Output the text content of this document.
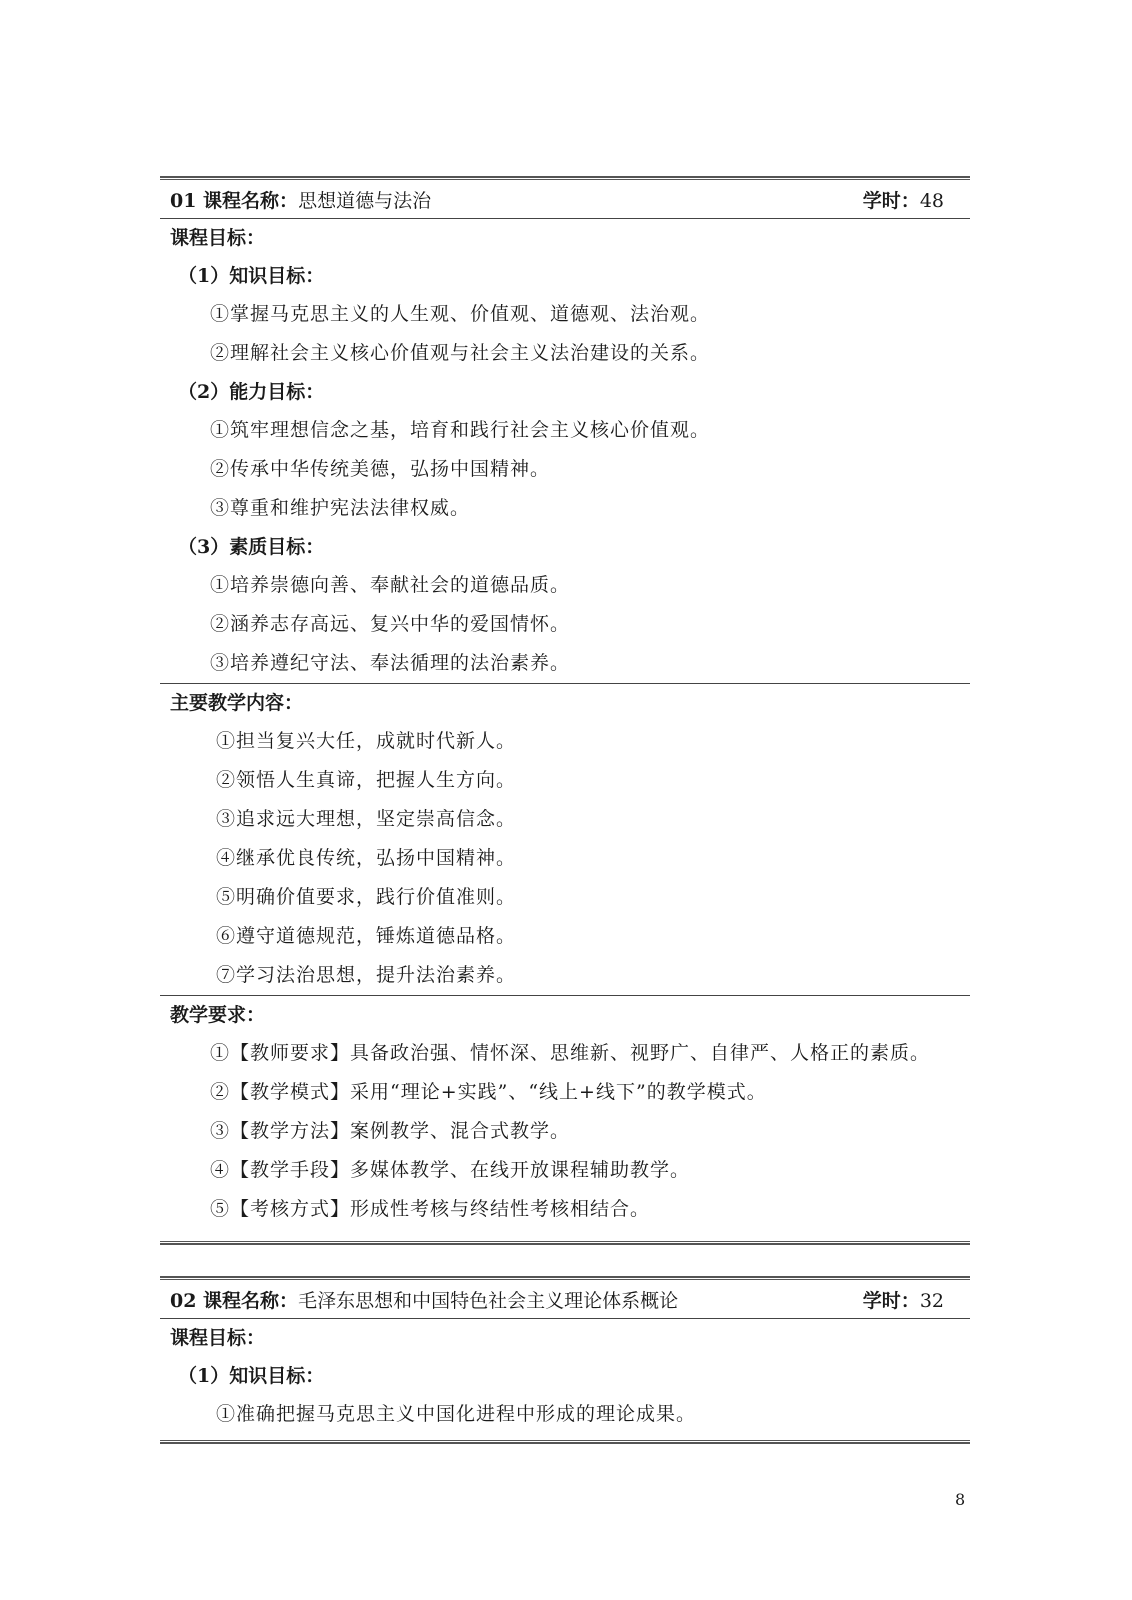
01 课程名称：思想道德与法治	学时：48
课程目标：
（1）知识目标：
①掌握马克思主义的人生观、价值观、道德观、法治观。
②理解社会主义核心价值观与社会主义法治建设的关系。
（2）能力目标：
①筑牢理想信念之基，培育和践行社会主义核心价值观。
②传承中华传统美德，弘扬中国精神。
③尊重和维护宪法法律权威。
（3）素质目标：
①培养崇德向善、奉献社会的道德品质。
②涵养志存高远、复兴中华的爱国情怀。
③培养遵纪守法、奉法循理的法治素养。
主要教学内容：
①担当复兴大任，成就时代新人。
②领悟人生真谛，把握人生方向。
③追求远大理想，坚定崇高信念。
④继承优良传统，弘扬中国精神。
⑤明确价值要求，践行价值准则。
⑥遵守道德规范，锤炼道德品格。
⑦学习法治思想，提升法治素养。
教学要求：
①【教师要求】具备政治强、情怀深、思维新、视野广、自律严、人格正的素质。
②【教学模式】采用“理论+实践”、“线上+线下”的教学模式。
③【教学方法】案例教学、混合式教学。
④【教学手段】多媒体教学、在线开放课程辅助教学。
⑤【考核方式】形成性考核与终结性考核相结合。
02 课程名称：毛泽东思想和中国特色社会主义理论体系概论	学时：32
课程目标：
（1）知识目标：
①准确把握马克思主义中国化进程中形成的理论成果。
8
